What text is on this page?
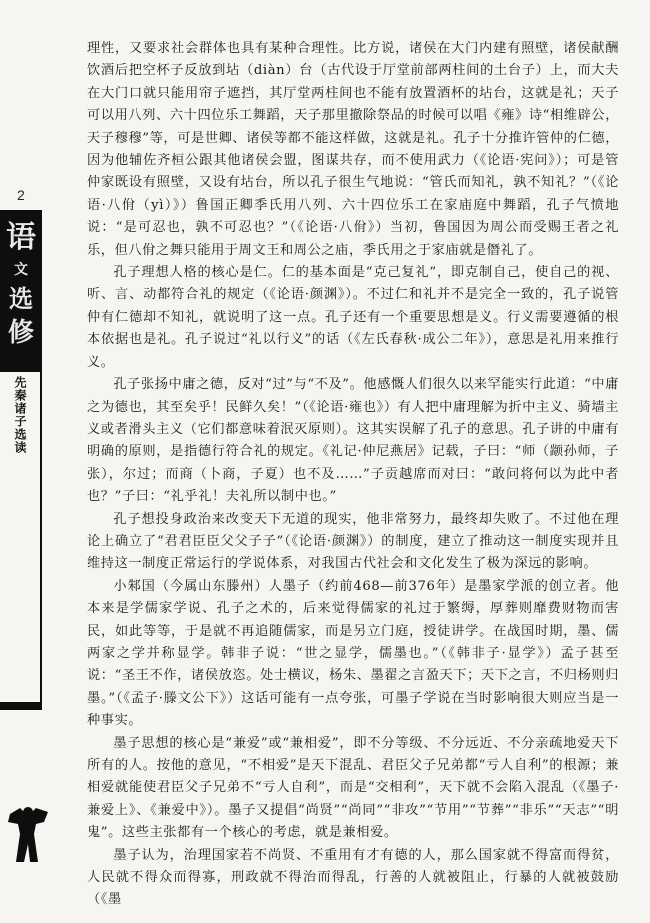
2
语
文
选
修
先秦诸子选读

理性，又要求社会群体也具有某种合理性。比方说，诸侯在大门内建有照壁，诸侯献酬饮酒后把空杯子反放到坫（diàn）台（古代设于厅堂前部两柱间的土台子）上，而大夫在大门口就只能用帘子遮挡，其厅堂两柱间也不能有放置酒杯的坫台，这就是礼；天子可以用八列、六十四位乐工舞蹈，天子那里撤除祭品的时候可以唱《雍》诗“相维辟公，天子穆穆”等，可是世卿、诸侯等都不能这样做，这就是礼。孔子十分推许管仲的仁德，因为他辅佐齐桓公跟其他诸侯会盟，图谋共存，而不使用武力（《论语·宪问》）；可是管仲家既设有照壁，又设有坫台，所以孔子很生气地说：“管氏而知礼，孰不知礼？”（《论语·八佾（yì）》）鲁国正卿季氏用八列、六十四位乐工在家庙庭中舞蹈，孔子气愤地说：“是可忍也，孰不可忍也？”（《论语·八佾》）当初，鲁国因为周公而受赐王者之礼乐，但八佾之舞只能用于周文王和周公之庙，季氏用之于家庙就是僭礼了。

孔子理想人格的核心是仁。仁的基本面是“克己复礼”，即克制自己，使自己的视、听、言、动都符合礼的规定（《论语·颜渊》）。不过仁和礼并不是完全一致的，孔子说管仲有仁德却不知礼，就说明了这一点。孔子还有一个重要思想是义。行义需要遵循的根本依据也是礼。孔子说过“礼以行义”的话（《左氏春秋·成公二年》），意思是礼用来推行义。

孔子张扬中庸之德，反对“过”与“不及”。他感慨人们很久以来罕能实行此道：“中庸之为德也，其至矣乎！民鲜久矣！”（《论语·雍也》）有人把中庸理解为折中主义、骑墙主义或者滑头主义（它们都意味着泯灭原则）。这其实误解了孔子的意思。孔子讲的中庸有明确的原则，是指德行符合礼的规定。《礼记·仲尼燕居》记载，子曰：“师（颛孙师，子张），尔过；而商（卜商，子夏）也不及……”子贡越席而对曰：“敢问将何以为此中者也？”子曰：“礼乎礼！夫礼所以制中也。”

孔子想投身政治来改变天下无道的现实，他非常努力，最终却失败了。不过他在理论上确立了“君君臣臣父父子子”（《论语·颜渊》）的制度，建立了推动这一制度实现并且维持这一制度正常运行的学说体系，对我国古代社会和文化发生了极为深远的影响。

小邾国（今属山东滕州）人墨子（约前468—前376年）是墨家学派的创立者。他本来是学儒家学说、孔子之术的，后来觉得儒家的礼过于繁缛，厚葬则靡费财物而害民，如此等等，于是就不再追随儒家，而是另立门庭，授徒讲学。在战国时期，墨、儒两家之学并称显学。韩非子说：“世之显学，儒墨也。”（《韩非子·显学》）孟子甚至说：“圣王不作，诸侯放恣。处士横议，杨朱、墨翟之言盈天下；天下之言，不归杨则归墨。”（《孟子·滕文公下》）这话可能有一点夸张，可墨子学说在当时影响很大则应当是一种事实。

墨子思想的核心是“兼爱”或“兼相爱”，即不分等级、不分远近、不分亲疏地爱天下所有的人。按他的意见，“不相爱”是天下混乱、君臣父子兄弟都“亏人自利”的根源；兼相爱就能使君臣父子兄弟不“亏人自利”，而是“交相利”，天下就不会陷入混乱（《墨子·兼爱上》、《兼爱中》）。墨子又提倡“尚贤”“尚同”“非攻”“节用”“节葬”“非乐”“天志”“明鬼”。这些主张都有一个核心的考虑，就是兼相爱。

墨子认为，治理国家若不尚贤、不重用有才有德的人，那么国家就不得富而得贫，人民就不得众而得寡，刑政就不得治而得乱，行善的人就被阻止，行暴的人就被鼓励（《墨
